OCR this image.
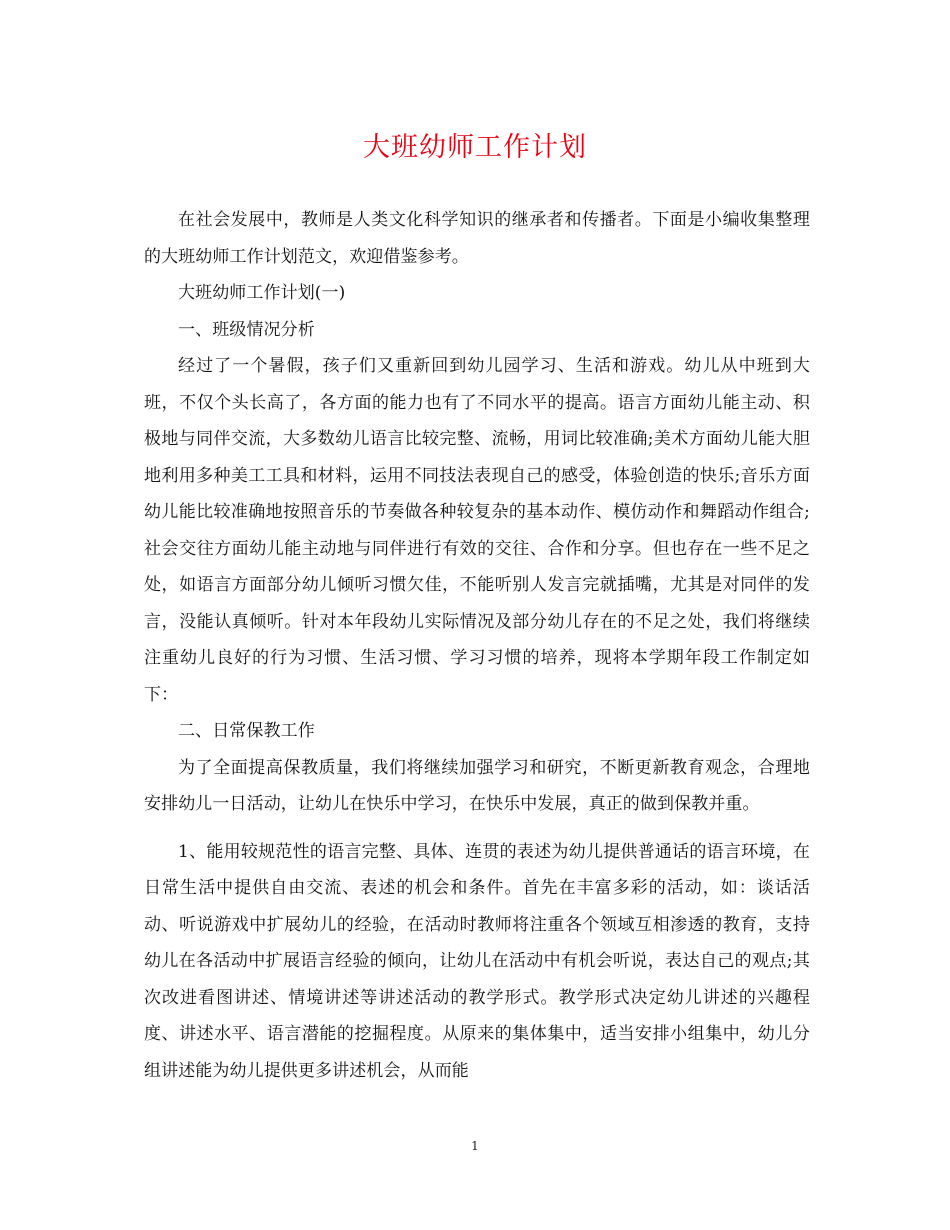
大班幼师工作计划

在社会发展中，教师是人类文化科学知识的继承者和传播者。下面是小编收集整理的大班幼师工作计划范文，欢迎借鉴参考。

大班幼师工作计划(一)

一、班级情况分析

经过了一个暑假，孩子们又重新回到幼儿园学习、生活和游戏。幼儿从中班到大班，不仅个头长高了，各方面的能力也有了不同水平的提高。语言方面幼儿能主动、积极地与同伴交流，大多数幼儿语言比较完整、流畅，用词比较准确;美术方面幼儿能大胆地利用多种美工工具和材料，运用不同技法表现自己的感受，体验创造的快乐;音乐方面幼儿能比较准确地按照音乐的节奏做各种较复杂的基本动作、模仿动作和舞蹈动作组合;社会交往方面幼儿能主动地与同伴进行有效的交往、合作和分享。但也存在一些不足之处，如语言方面部分幼儿倾听习惯欠佳，不能听别人发言完就插嘴，尤其是对同伴的发言，没能认真倾听。针对本年段幼儿实际情况及部分幼儿存在的不足之处，我们将继续注重幼儿良好的行为习惯、生活习惯、学习习惯的培养，现将本学期年段工作制定如下：

二、日常保教工作

为了全面提高保教质量，我们将继续加强学习和研究，不断更新教育观念，合理地安排幼儿一日活动，让幼儿在快乐中学习，在快乐中发展，真正的做到保教并重。

1、能用较规范性的语言完整、具体、连贯的表述为幼儿提供普通话的语言环境，在日常生活中提供自由交流、表述的机会和条件。首先在丰富多彩的活动，如：谈话活动、听说游戏中扩展幼儿的经验，在活动时教师将注重各个领域互相渗透的教育，支持幼儿在各活动中扩展语言经验的倾向，让幼儿在活动中有机会听说，表达自己的观点;其次改进看图讲述、情境讲述等讲述活动的教学形式。教学形式决定幼儿讲述的兴趣程度、讲述水平、语言潜能的挖掘程度。从原来的集体集中，适当安排小组集中，幼儿分组讲述能为幼儿提供更多讲述机会，从而能

1
